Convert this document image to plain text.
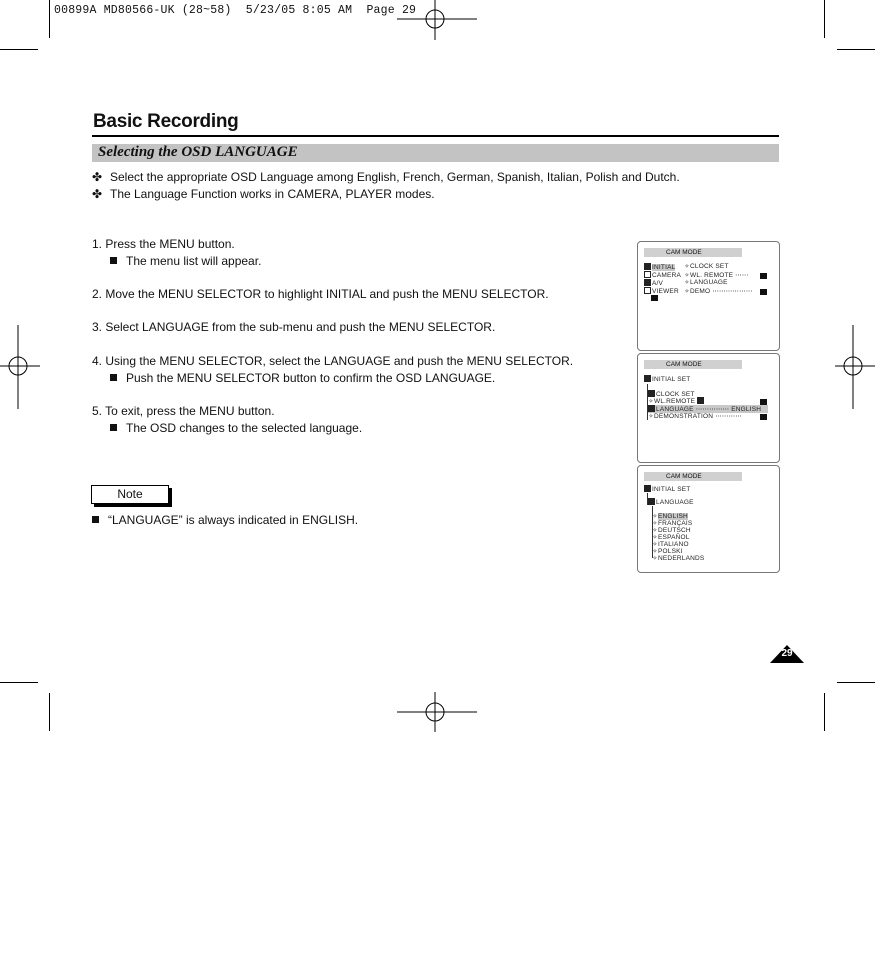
00899A MD80566-UK (28~58)  5/23/05 8:05 AM  Page 29
Basic Recording
Selecting the OSD LANGUAGE
✤ Select the appropriate OSD Language among English, French, German, Spanish, Italian, Polish and Dutch.
✤ The Language Function works in CAMERA, PLAYER modes.
1. Press the MENU button.
The menu list will appear.
2. Move the MENU SELECTOR to highlight INITIAL and push the MENU SELECTOR.
3. Select LANGUAGE from the sub-menu and push the MENU SELECTOR.
4. Using the MENU SELECTOR, select the LANGUAGE and push the MENU SELECTOR.
Push the MENU SELECTOR button to confirm the OSD LANGUAGE.
5. To exit, press the MENU button.
The OSD changes to the selected language.
Note
“LANGUAGE” is always indicated in ENGLISH.
CAM MODE
INITIAL
CAMERA
A/V
VIEWER
✧CLOCK SET
✧WL. REMOTE ⋯⋯
✧LANGUAGE
✧DEMO ⋯⋯⋯⋯⋯⋯
CAM MODE
INITIAL SET
CLOCK SET
✧WL.REMOTE
LANGUAGE ⋯⋯⋯⋯⋯ ENGLISH
✧DEMONSTRATION ⋯⋯⋯⋯
CAM MODE
INITIAL SET
LANGUAGE
✧ENGLISH
✧FRANÇAIS
✧DEUTSCH
✧ESPAÑOL
✧ITALIANO
✧POLSKI
✧NEDERLANDS
29
